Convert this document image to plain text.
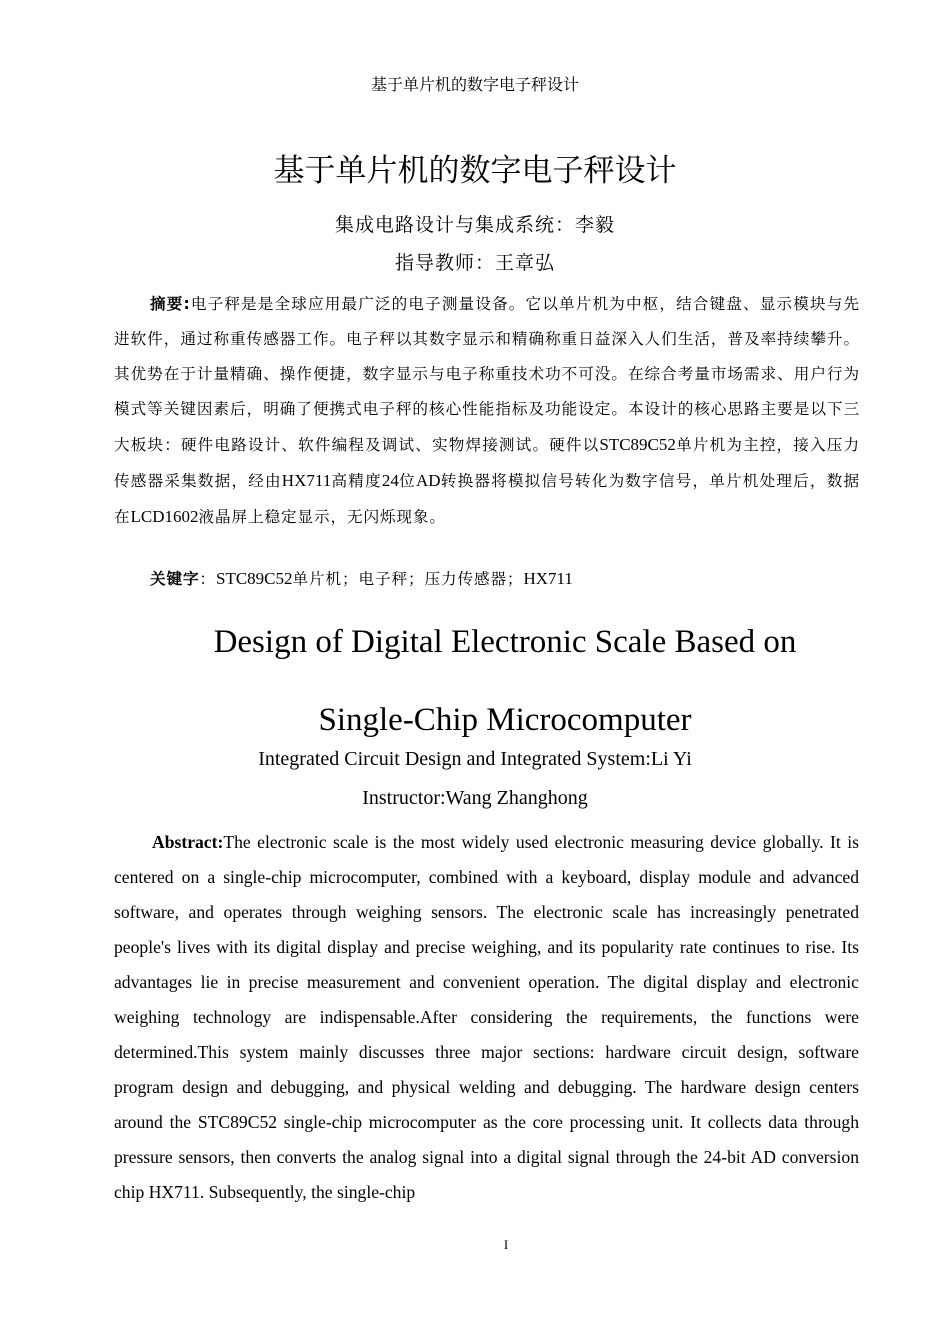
基于单片机的数字电子秤设计
基于单片机的数字电子秤设计
集成电路设计与集成系统：李毅
指导教师：王章弘
摘要:电子秤是是全球应用最广泛的电子测量设备。它以单片机为中枢，结合键盘、显示模块与先进软件，通过称重传感器工作。电子秤以其数字显示和精确称重日益深入人们生活，普及率持续攀升。其优势在于计量精确、操作便捷，数字显示与电子称重技术功不可没。在综合考量市场需求、用户行为模式等关键因素后，明确了便携式电子秤的核心性能指标及功能设定。本设计的核心思路主要是以下三大板块：硬件电路设计、软件编程及调试、实物焊接测试。硬件以STC89C52单片机为主控，接入压力传感器采集数据，经由HX711高精度24位AD转换器将模拟信号转化为数字信号，单片机处理后，数据在LCD1602液晶屏上稳定显示，无闪烁现象。
关键字：STC89C52单片机；电子秤；压力传感器；HX711
Design of Digital Electronic Scale Based on
Single-Chip Microcomputer
Integrated Circuit Design and Integrated System:Li Yi
Instructor:Wang Zhanghong
Abstract:The electronic scale is the most widely used electronic measuring device globally. It is centered on a single-chip microcomputer, combined with a keyboard, display module and advanced software, and operates through weighing sensors. The electronic scale has increasingly penetrated people's lives with its digital display and precise weighing, and its popularity rate continues to rise. Its advantages lie in precise measurement and convenient operation. The digital display and electronic weighing technology are indispensable.After considering the requirements, the functions were determined.This system mainly discusses three major sections: hardware circuit design, software program design and debugging, and physical welding and debugging. The hardware design centers around the STC89C52 single-chip microcomputer as the core processing unit. It collects data through pressure sensors, then converts the analog signal into a digital signal through the 24-bit AD conversion chip HX711. Subsequently, the single-chip
I
